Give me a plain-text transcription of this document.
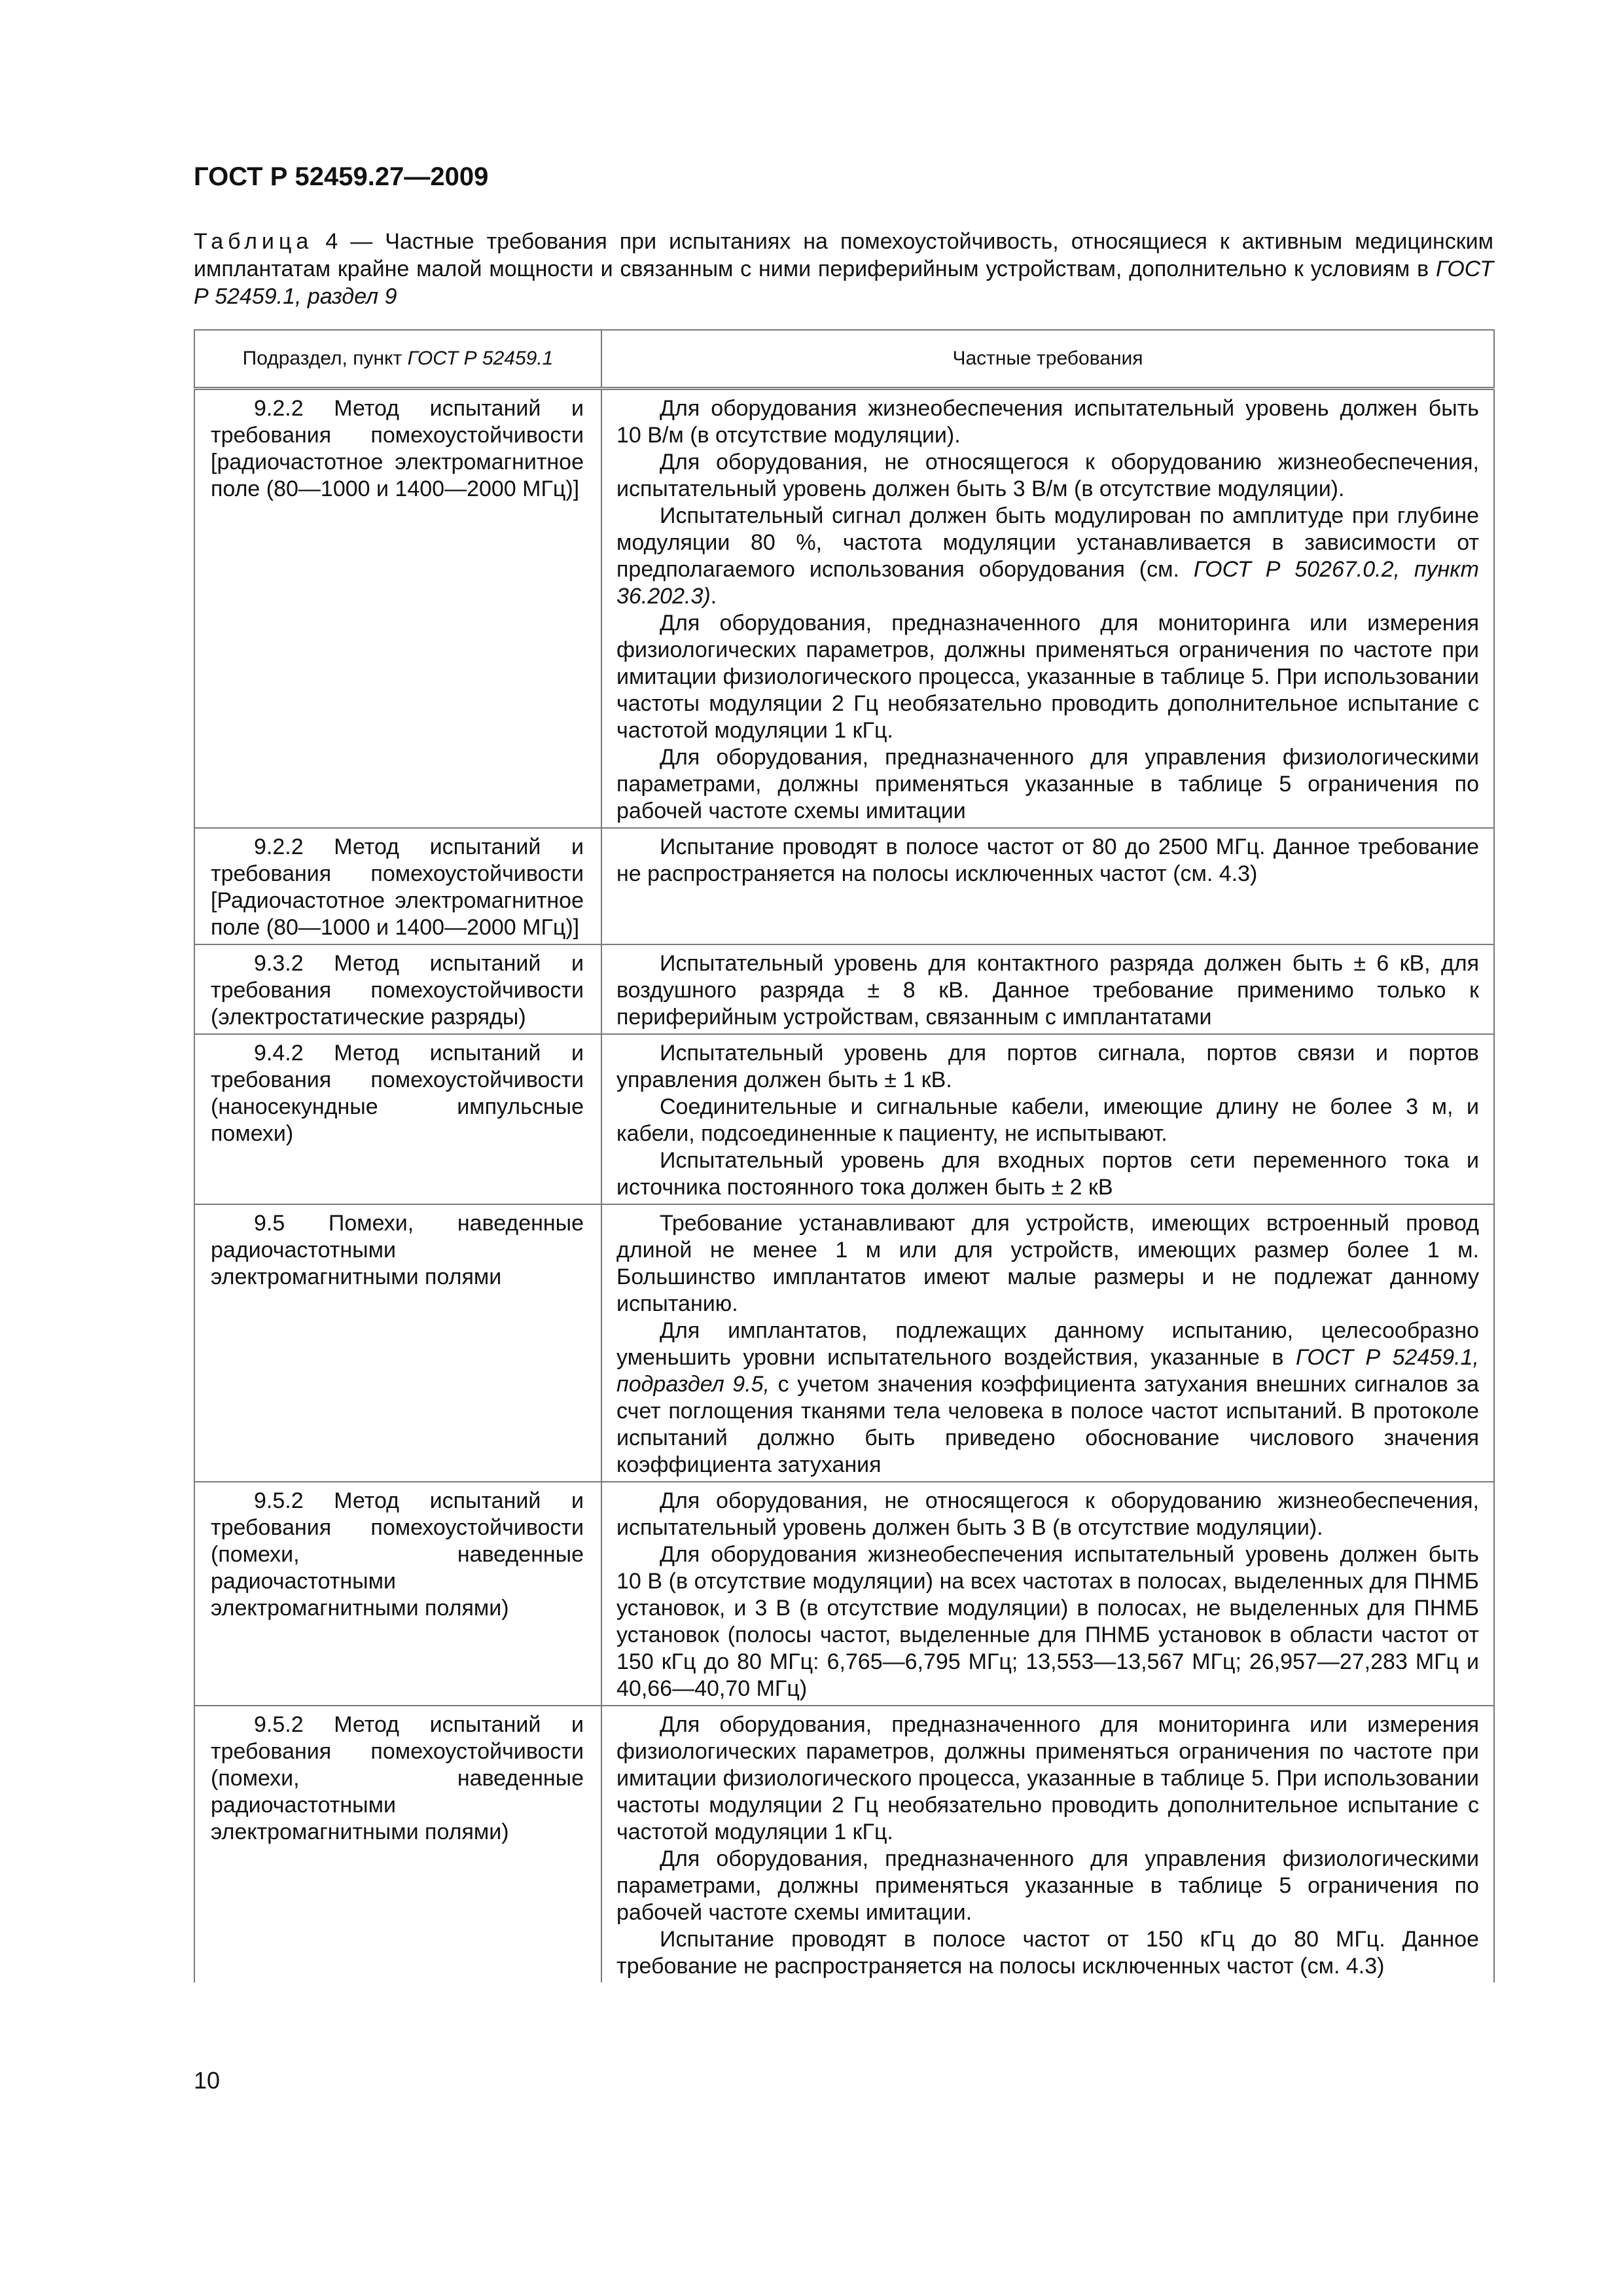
ГОСТ Р 52459.27—2009
Таблица 4 — Частные требования при испытаниях на помехоустойчивость, относящиеся к активным медицинским имплантатам крайне малой мощности и связанным с ними периферийным устройствам, дополнительно к условиям в ГОСТ Р 52459.1, раздел 9
Подраздел, пункт ГОСТ Р 52459.1	Частные требования

9.2.2 Метод испытаний и требования помехоустойчивости [радиочастотное электромагнитное поле (80—1000 и 1400—2000 МГц)]	Для оборудования жизнеобеспечения испытательный уровень должен быть 10 В/м (в отсутствие модуляции).

Для оборудования, не относящегося к оборудованию жизнеобеспечения, испытательный уровень должен быть 3 В/м (в отсутствие модуляции).

Испытательный сигнал должен быть модулирован по амплитуде при глубине модуляции 80 %, частота модуляции устанавливается в зависимости от предполагаемого использования оборудования (см. ГОСТ Р 50267.0.2, пункт 36.202.3).

Для оборудования, предназначенного для мониторинга или измерения физиологических параметров, должны применяться ограничения по частоте при имитации физиологического процесса, указанные в таблице 5. При использовании частоты модуляции 2 Гц необязательно проводить дополнительное испытание с частотой модуляции 1 кГц.

Для оборудования, предназначенного для управления физиологическими параметрами, должны применяться указанные в таблице 5 ограничения по рабочей частоте схемы имитации

9.2.2 Метод испытаний и требования помехоустойчивости [Радиочастотное электромагнитное поле (80—1000 и 1400—2000 МГц)]	Испытание проводят в полосе частот от 80 до 2500 МГц. Данное требование не распространяется на полосы исключенных частот (см. 4.3)

9.3.2 Метод испытаний и требования помехоустойчивости (электростатические разряды)	Испытательный уровень для контактного разряда должен быть ± 6 кВ, для воздушного разряда ± 8 кВ. Данное требование применимо только к периферийным устройствам, связанным с имплантатами

9.4.2 Метод испытаний и требования помехоустойчивости (наносекундные импульсные помехи)	Испытательный уровень для портов сигнала, портов связи и портов управления должен быть ± 1 кВ.

Соединительные и сигнальные кабели, имеющие длину не более 3 м, и кабели, подсоединенные к пациенту, не испытывают.

Испытательный уровень для входных портов сети переменного тока и источника постоянного тока должен быть ± 2 кВ

9.5 Помехи, наведенные радиочастотными электромагнитными полями	Требование устанавливают для устройств, имеющих встроенный провод длиной не менее 1 м или для устройств, имеющих размер более 1 м. Большинство имплантатов имеют малые размеры и не подлежат данному испытанию.

Для имплантатов, подлежащих данному испытанию, целесообразно уменьшить уровни испытательного воздействия, указанные в ГОСТ Р 52459.1, подраздел 9.5, с учетом значения коэффициента затухания внешних сигналов за счет поглощения тканями тела человека в полосе частот испытаний. В протоколе испытаний должно быть приведено обоснование числового значения коэффициента затухания

9.5.2 Метод испытаний и требования помехоустойчивости (помехи, наведенные радиочастотными электромагнитными полями)	Для оборудования, не относящегося к оборудованию жизнеобеспечения, испытательный уровень должен быть 3 В (в отсутствие модуляции).

Для оборудования жизнеобеспечения испытательный уровень должен быть 10 В (в отсутствие модуляции) на всех частотах в полосах, выделенных для ПНМБ установок, и 3 В (в отсутствие модуляции) в полосах, не выделенных для ПНМБ установок (полосы частот, выделенные для ПНМБ установок в области частот от 150 кГц до 80 МГц: 6,765—6,795 МГц; 13,553—13,567 МГц; 26,957—27,283 МГц и 40,66—40,70 МГц)

9.5.2 Метод испытаний и требования помехоустойчивости (помехи, наведенные радиочастотными электромагнитными полями)	Для оборудования, предназначенного для мониторинга или измерения физиологических параметров, должны применяться ограничения по частоте при имитации физиологического процесса, указанные в таблице 5. При использовании частоты модуляции 2 Гц необязательно проводить дополнительное испытание с частотой модуляции 1 кГц.

Для оборудования, предназначенного для управления физиологическими параметрами, должны применяться указанные в таблице 5 ограничения по рабочей частоте схемы имитации.

Испытание проводят в полосе частот от 150 кГц до 80 МГц. Данное требование не распространяется на полосы исключенных частот (см. 4.3)

10
